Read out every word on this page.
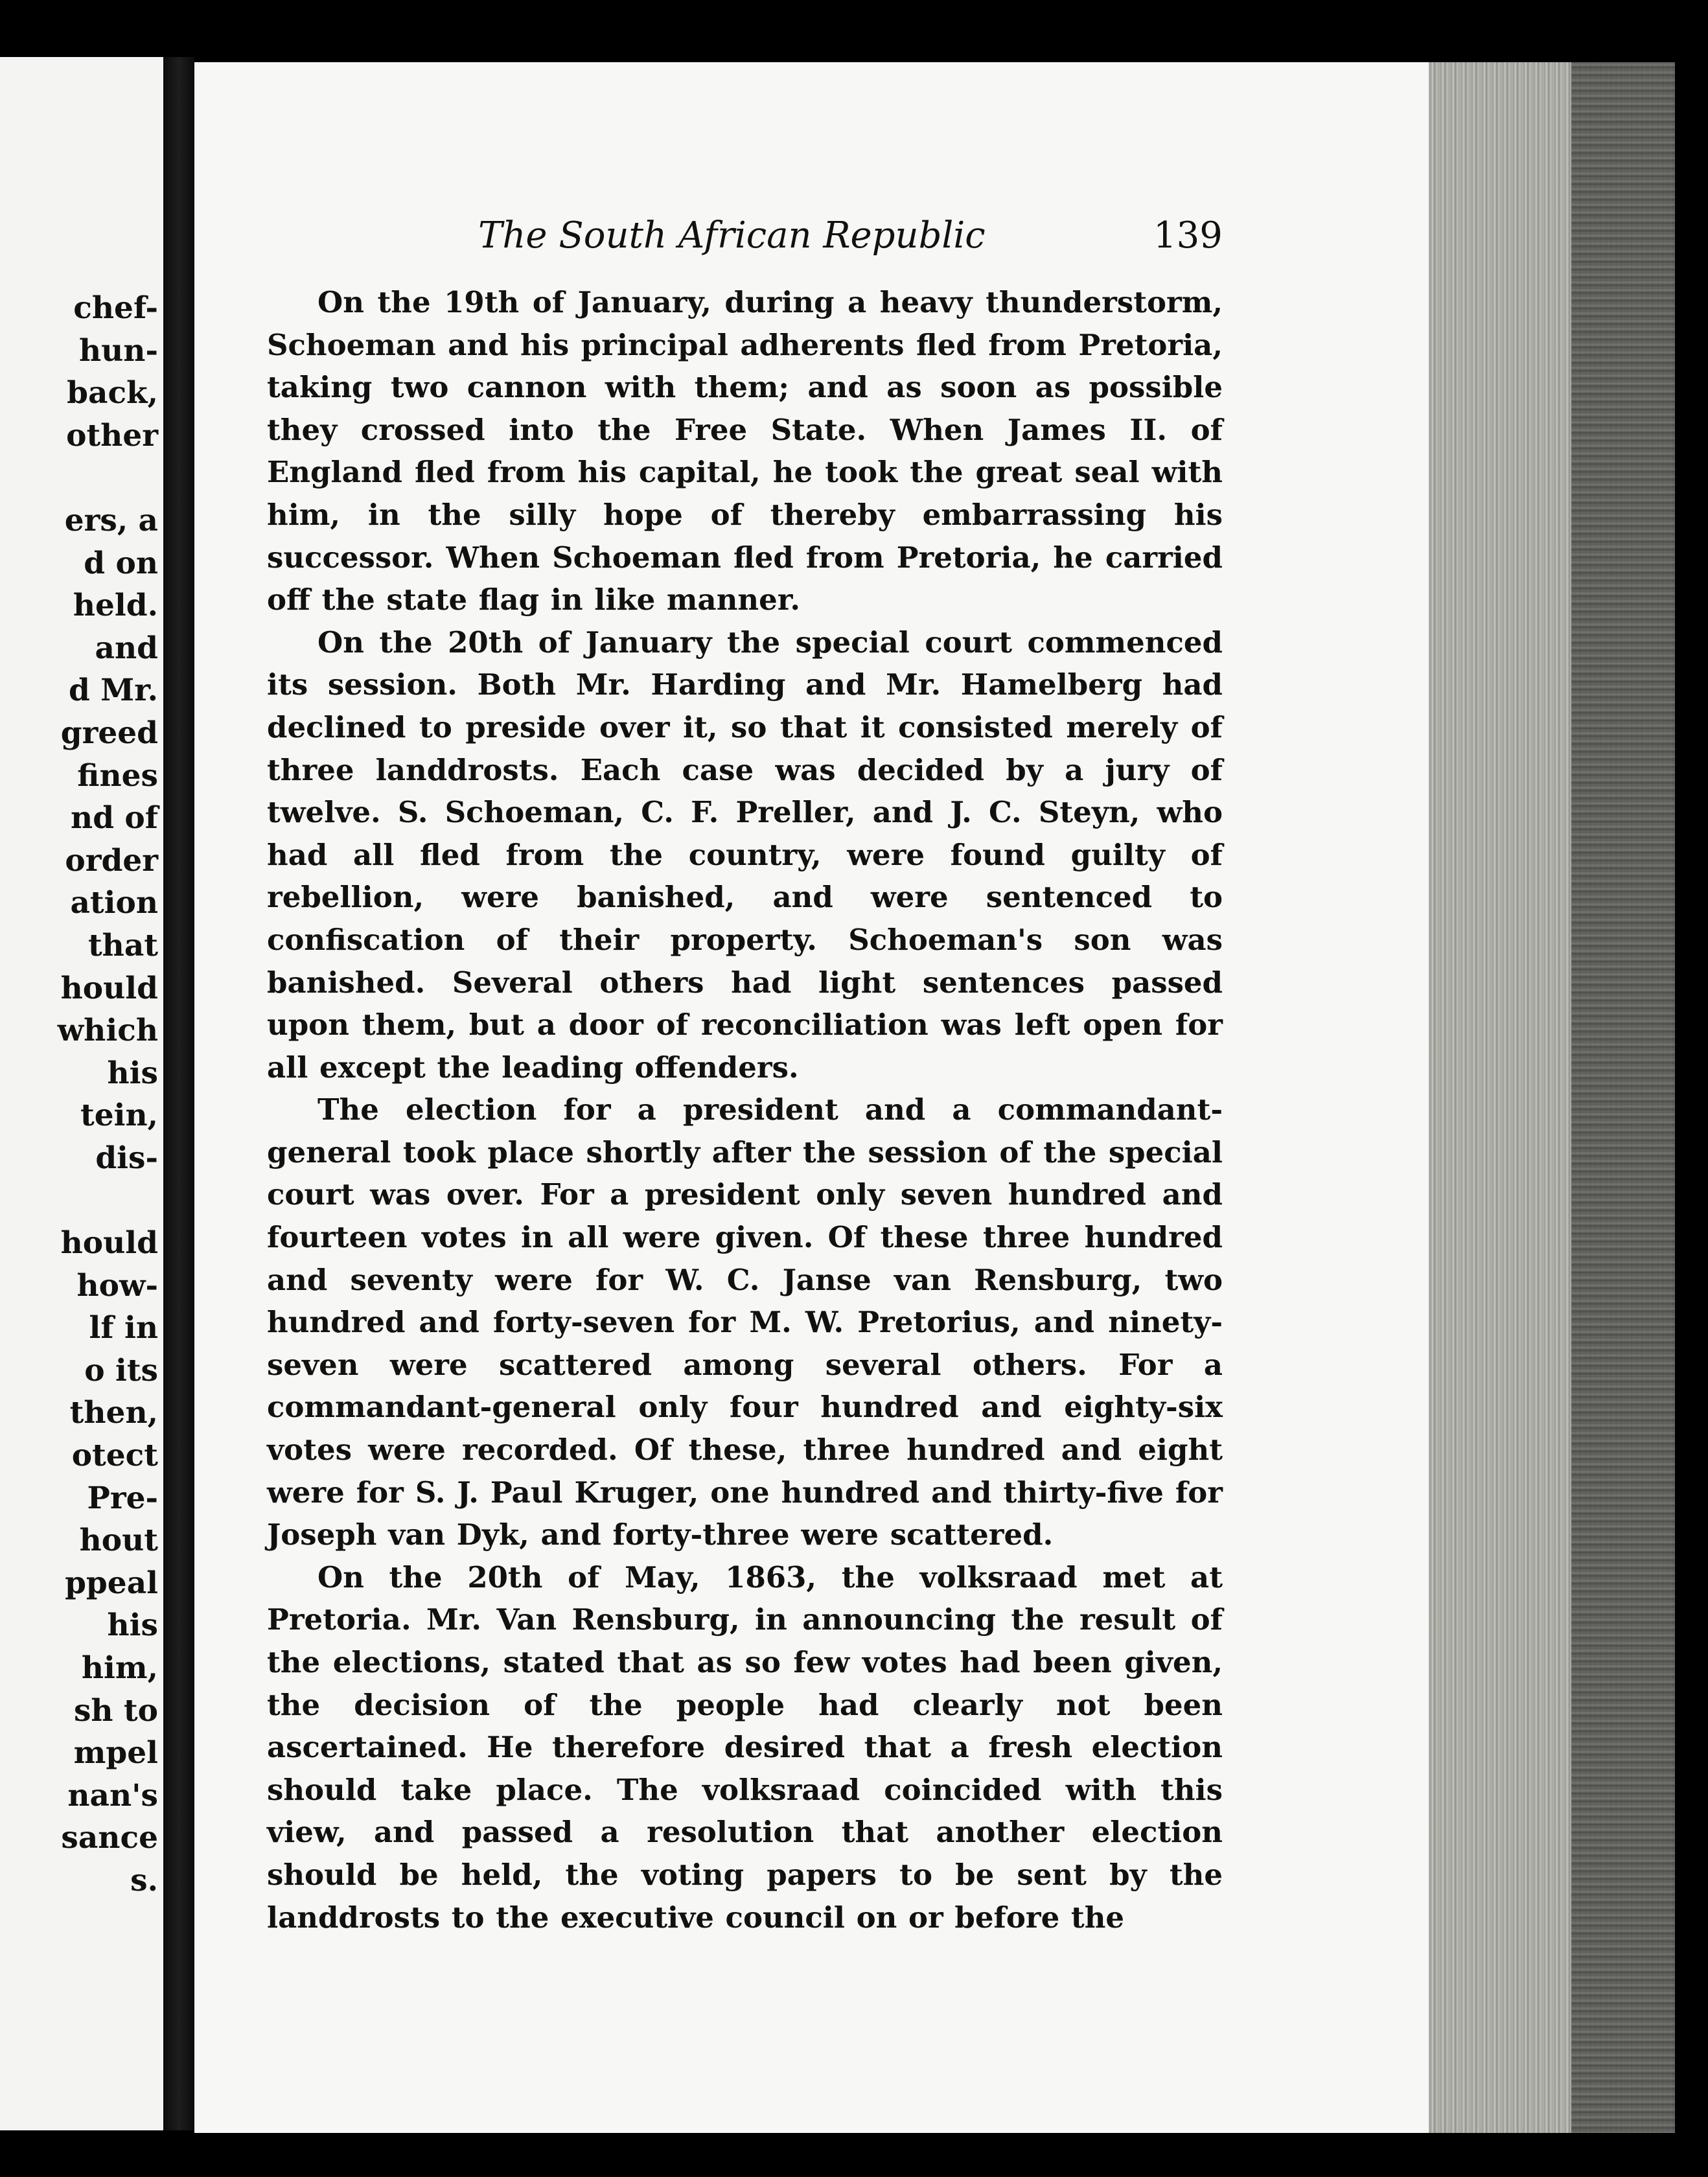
chef-
hun-
back,
other
ers, a
d on
held.
and
d Mr.
greed
fines
nd of
order
ation
that
hould
which
his
tein,
dis-
hould
how-
lf in
o its
then,
otect
Pre-
hout
ppeal
his
him,
sh to
mpel
nan's
sance
s.
The South African Republic	139

On the 19th of January, during a heavy thunderstorm, Schoeman and his principal adherents fled from Pretoria, taking two cannon with them; and as soon as possible they crossed into the Free State. When James II. of England fled from his capital, he took the great seal with him, in the silly hope of thereby embarrassing his successor. When Schoeman fled from Pretoria, he carried off the state flag in like manner.

On the 20th of January the special court commenced its session. Both Mr. Harding and Mr. Hamelberg had declined to preside over it, so that it consisted merely of three landdrosts. Each case was decided by a jury of twelve. S. Schoeman, C. F. Preller, and J. C. Steyn, who had all fled from the country, were found guilty of rebellion, were banished, and were sentenced to confiscation of their property. Schoeman's son was banished. Several others had light sentences passed upon them, but a door of reconciliation was left open for all except the leading offenders.

The election for a president and a commandant-general took place shortly after the session of the special court was over. For a president only seven hundred and fourteen votes in all were given. Of these three hundred and seventy were for W. C. Janse van Rensburg, two hundred and forty-seven for M. W. Pretorius, and ninety-seven were scattered among several others. For a commandant-general only four hundred and eighty-six votes were recorded. Of these, three hundred and eight were for S. J. Paul Kruger, one hundred and thirty-five for Joseph van Dyk, and forty-three were scattered.

On the 20th of May, 1863, the volksraad met at Pretoria. Mr. Van Rensburg, in announcing the result of the elections, stated that as so few votes had been given, the decision of the people had clearly not been ascertained. He therefore desired that a fresh election should take place. The volksraad coincided with this view, and passed a resolution that another election should be held, the voting papers to be sent by the landdrosts to the executive council on or before the
